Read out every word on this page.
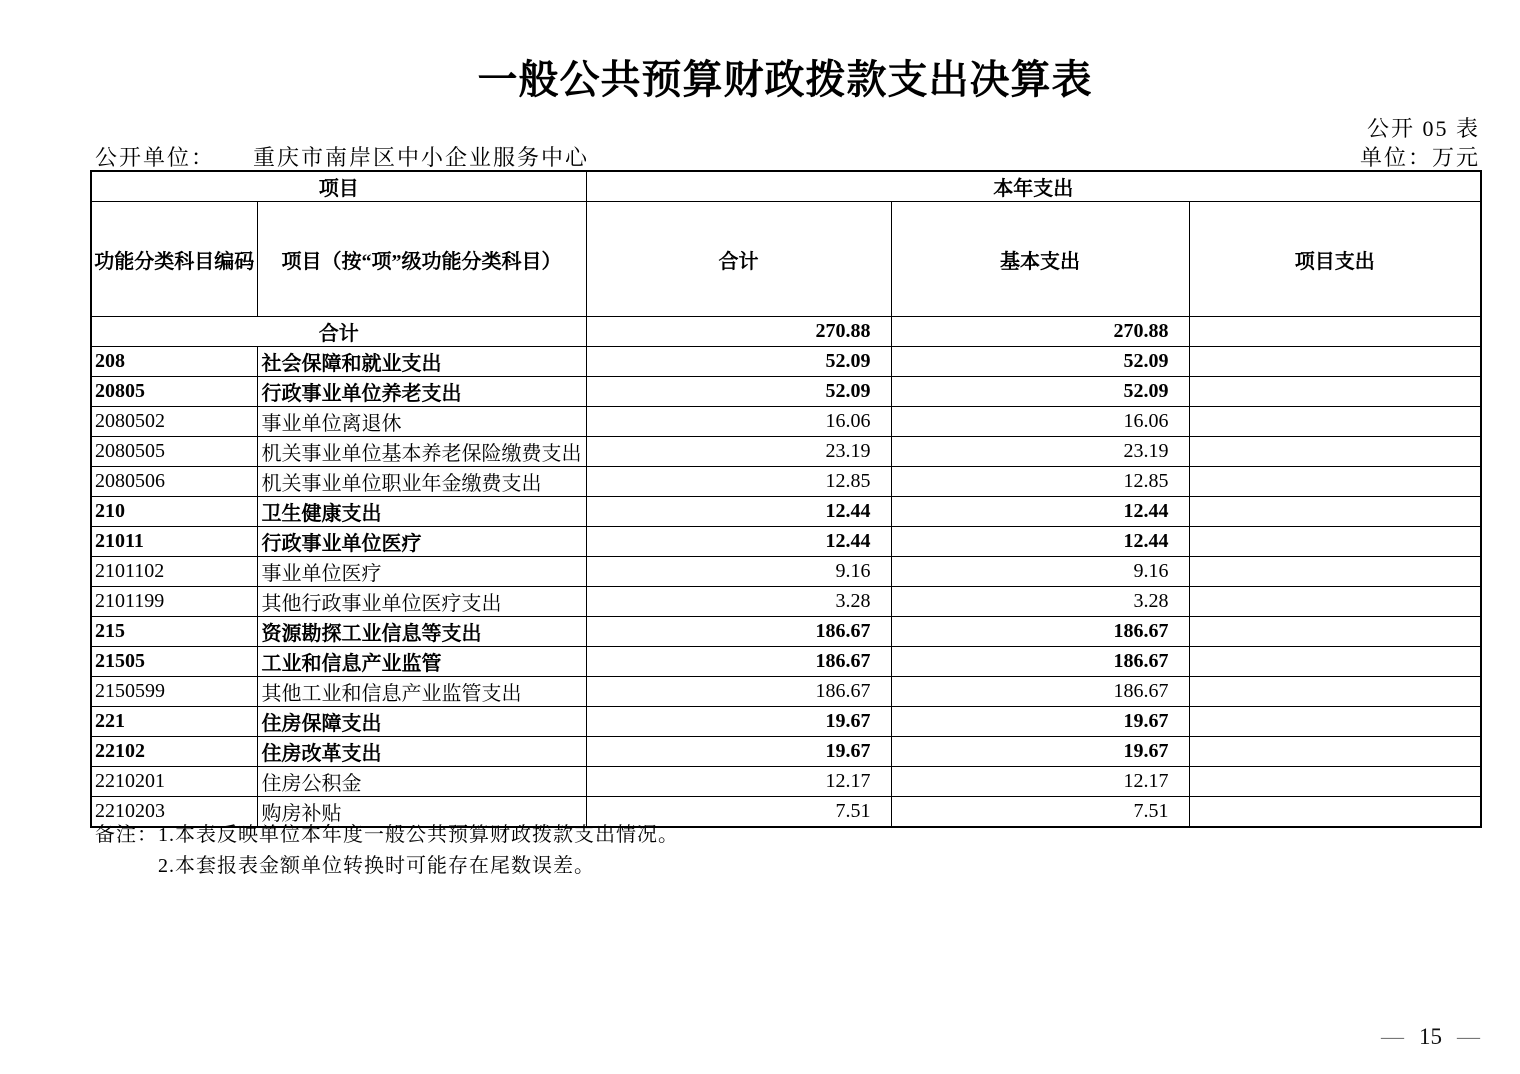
一般公共预算财政拨款支出决算表
公开 05 表
公开单位： 重庆市南岸区中小企业服务中心	单位：万元
项目		本年支出		
功能分类科目编码	项目（按“项”级功能分类科目）	合计	基本支出	项目支出
合计		270.88	270.88	
208	社会保障和就业支出	52.09	52.09	
20805	行政事业单位养老支出	52.09	52.09	
2080502	事业单位离退休	16.06	16.06	
2080505	机关事业单位基本养老保险缴费支出	23.19	23.19	
2080506	机关事业单位职业年金缴费支出	12.85	12.85	
210	卫生健康支出	12.44	12.44	
21011	行政事业单位医疗	12.44	12.44	
2101102	事业单位医疗	9.16	9.16	
2101199	其他行政事业单位医疗支出	3.28	3.28	
215	资源勘探工业信息等支出	186.67	186.67	
21505	工业和信息产业监管	186.67	186.67	
2150599	其他工业和信息产业监管支出	186.67	186.67	
221	住房保障支出	19.67	19.67	
22102	住房改革支出	19.67	19.67	
2210201	住房公积金	12.17	12.17	
2210203	购房补贴	7.51	7.51	
备注： 1.本表反映单位本年度一般公共预算财政拨款支出情况。
2.本套报表金额单位转换时可能存在尾数误差。
— 15 —
